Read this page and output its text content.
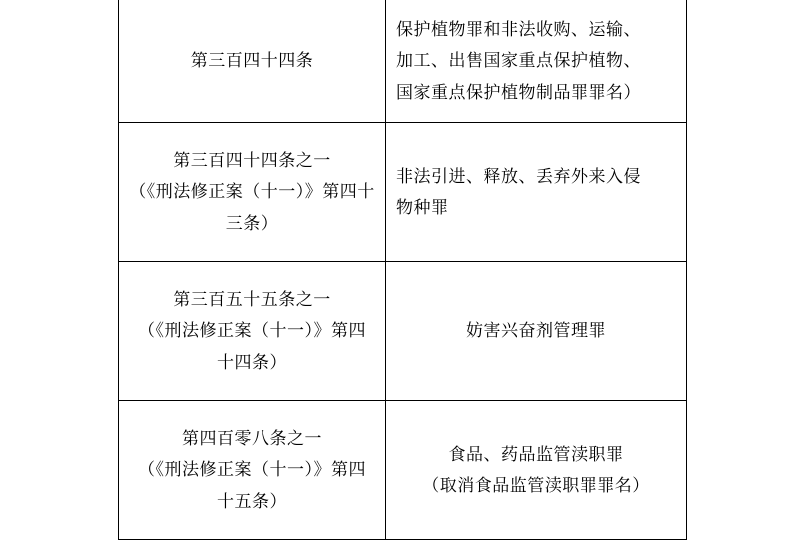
第三百四十四条	保护植物罪和非法收购、运输、
加工、出售国家重点保护植物、
国家重点保护植物制品罪罪名）

第三百四十四条之一
（《刑法修正案（十一）》第四十
三条）	非法引进、释放、丢弃外来入侵
物种罪

第三百五十五条之一
（《刑法修正案（十一）》第四
十四条）	妨害兴奋剂管理罪

第四百零八条之一
（《刑法修正案（十一）》第四
十五条）	食品、药品监管渎职罪
（取消食品监管渎职罪罪名）
